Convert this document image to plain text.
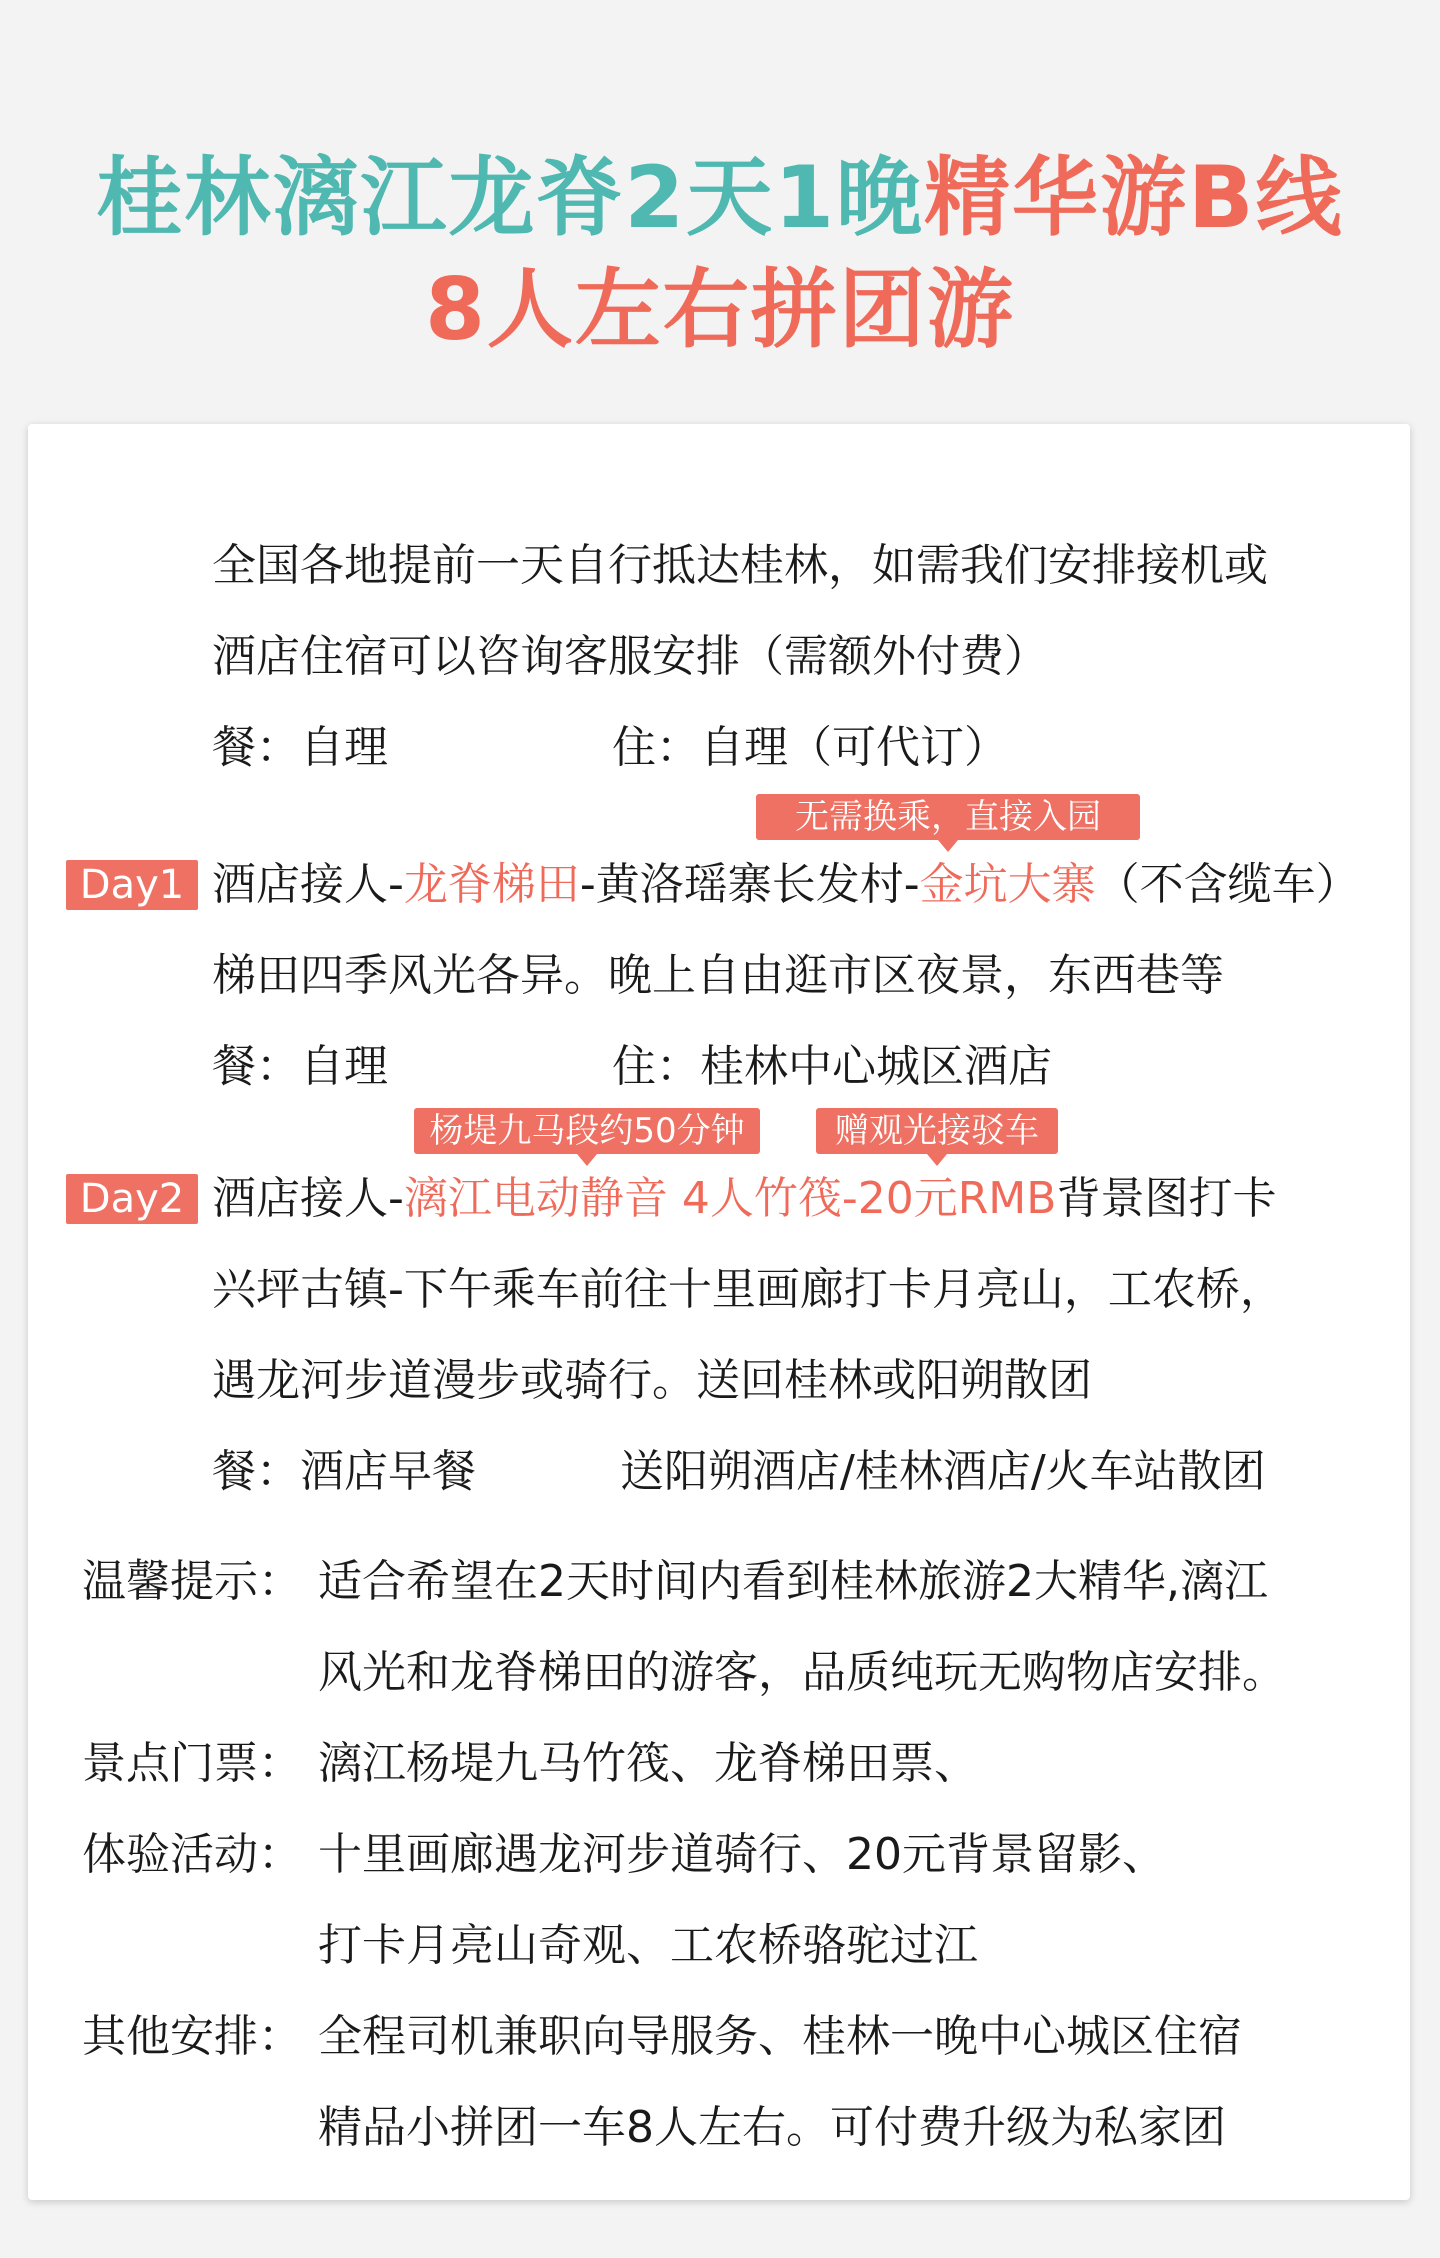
桂林漓江龙脊2天1晚精华游B线
8人左右拼团游
全国各地提前一天自行抵达桂林，如需我们安排接机或
酒店住宿可以咨询客服安排（需额外付费）
餐：自理	住：自理（可代订）
无需换乘，直接入园
Day1 酒店接人-龙脊梯田-黄洛瑶寨长发村-金坑大寨（不含缆车）
梯田四季风光各异。晚上自由逛市区夜景，东西巷等
餐：自理	住：桂林中心城区酒店
杨堤九马段约50分钟	赠观光接驳车
Day2 酒店接人-漓江电动静音 4人竹筏-20元RMB背景图打卡
兴坪古镇-下午乘车前往十里画廊打卡月亮山，工农桥，
遇龙河步道漫步或骑行。送回桂林或阳朔散团
餐：酒店早餐	送阳朔酒店/桂林酒店/火车站散团
温馨提示： 适合希望在2天时间内看到桂林旅游2大精华,漓江
风光和龙脊梯田的游客，品质纯玩无购物店安排。
景点门票： 漓江杨堤九马竹筏、龙脊梯田票、
体验活动： 十里画廊遇龙河步道骑行、20元背景留影、
打卡月亮山奇观、工农桥骆驼过江
其他安排： 全程司机兼职向导服务、桂林一晚中心城区住宿
精品小拼团一车8人左右。可付费升级为私家团
